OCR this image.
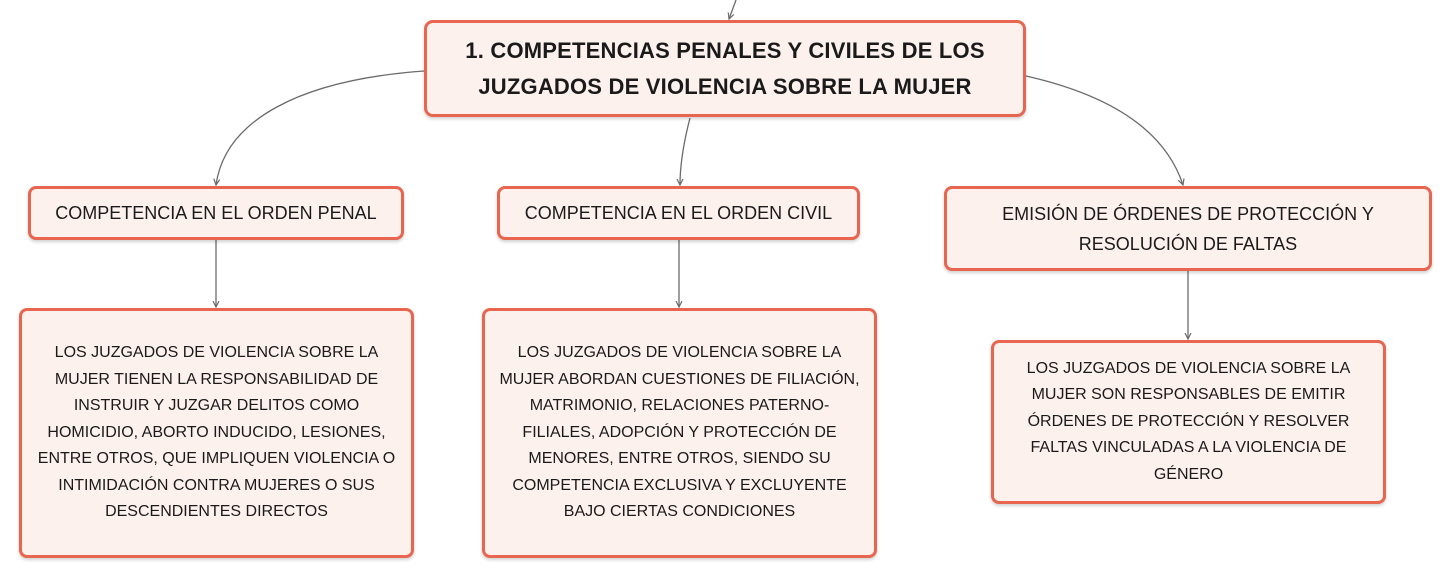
1. COMPETENCIAS PENALES Y CIVILES DE LOS
JUZGADOS DE VIOLENCIA SOBRE LA MUJER
COMPETENCIA EN EL ORDEN PENAL	COMPETENCIA EN EL ORDEN CIVIL	EMISIÓN DE ÓRDENES DE PROTECCIÓN Y
RESOLUCIÓN DE FALTAS
LOS JUZGADOS DE VIOLENCIA SOBRE LA
MUJER TIENEN LA RESPONSABILIDAD DE
INSTRUIR Y JUZGAR DELITOS COMO
HOMICIDIO, ABORTO INDUCIDO, LESIONES,
ENTRE OTROS, QUE IMPLIQUEN VIOLENCIA O
INTIMIDACIÓN CONTRA MUJERES O SUS
DESCENDIENTES DIRECTOS
LOS JUZGADOS DE VIOLENCIA SOBRE LA
MUJER ABORDAN CUESTIONES DE FILIACIÓN,
MATRIMONIO, RELACIONES PATERNO-
FILIALES, ADOPCIÓN Y PROTECCIÓN DE
MENORES, ENTRE OTROS, SIENDO SU
COMPETENCIA EXCLUSIVA Y EXCLUYENTE
BAJO CIERTAS CONDICIONES
LOS JUZGADOS DE VIOLENCIA SOBRE LA
MUJER SON RESPONSABLES DE EMITIR
ÓRDENES DE PROTECCIÓN Y RESOLVER
FALTAS VINCULADAS A LA VIOLENCIA DE
GÉNERO
